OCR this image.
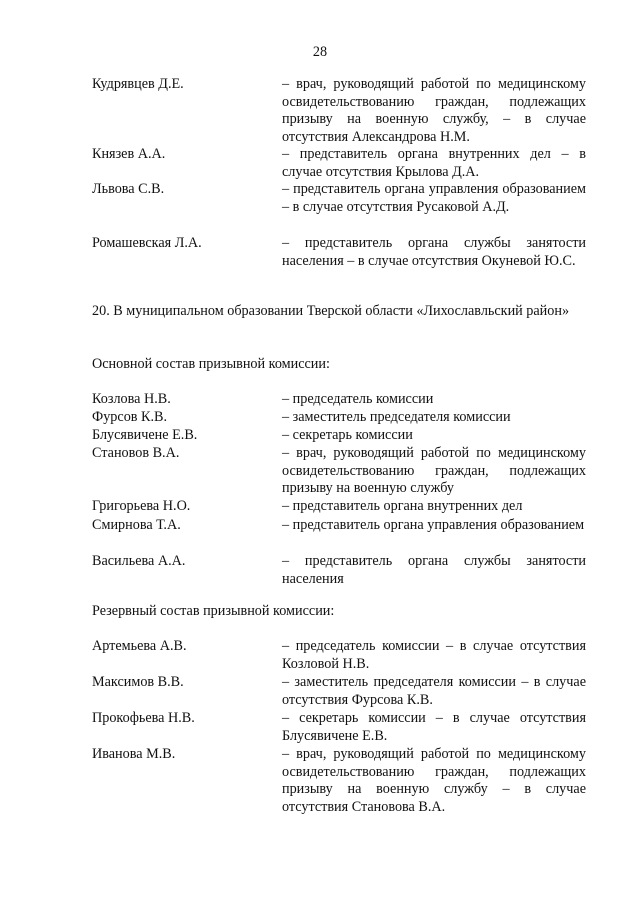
28
Кудрявцев Д.Е.	– врач, руководящий работой по медицинскому освидетельствованию граждан, подлежащих призыву на военную службу, – в случае отсутствия Александрова Н.М.
Князев А.А.	– представитель органа внутренних дел – в случае отсутствия Крылова Д.А.
Львова С.В.	– представитель органа управления образованием – в случае отсутствия Русаковой А.Д.
Ромашевская Л.А.	– представитель органа службы занятости населения – в случае отсутствия Окуневой Ю.С.
20. В муниципальном образовании Тверской области «Лихославльский район»
Основной состав призывной комиссии:
Козлова Н.В.	– председатель комиссии
Фурсов К.В.	– заместитель председателя комиссии
Блусявичене Е.В.	– секретарь комиссии
Становов В.А.	– врач, руководящий работой по медицинскому освидетельствованию граждан, подлежащих призыву на военную службу
Григорьева Н.О.	– представитель органа внутренних дел
Смирнова Т.А.	– представитель органа управления образованием
Васильева А.А.	– представитель органа службы занятости населения
Резервный состав призывной комиссии:
Артемьева А.В.	– председатель комиссии – в случае отсутствия Козловой Н.В.
Максимов В.В.	– заместитель председателя комиссии – в случае отсутствия Фурсова К.В.
Прокофьева Н.В.	– секретарь комиссии – в случае отсутствия Блусявичене Е.В.
Иванова М.В.	– врач, руководящий работой по медицинскому освидетельствованию граждан, подлежащих призыву на военную службу – в случае отсутствия Становова В.А.
